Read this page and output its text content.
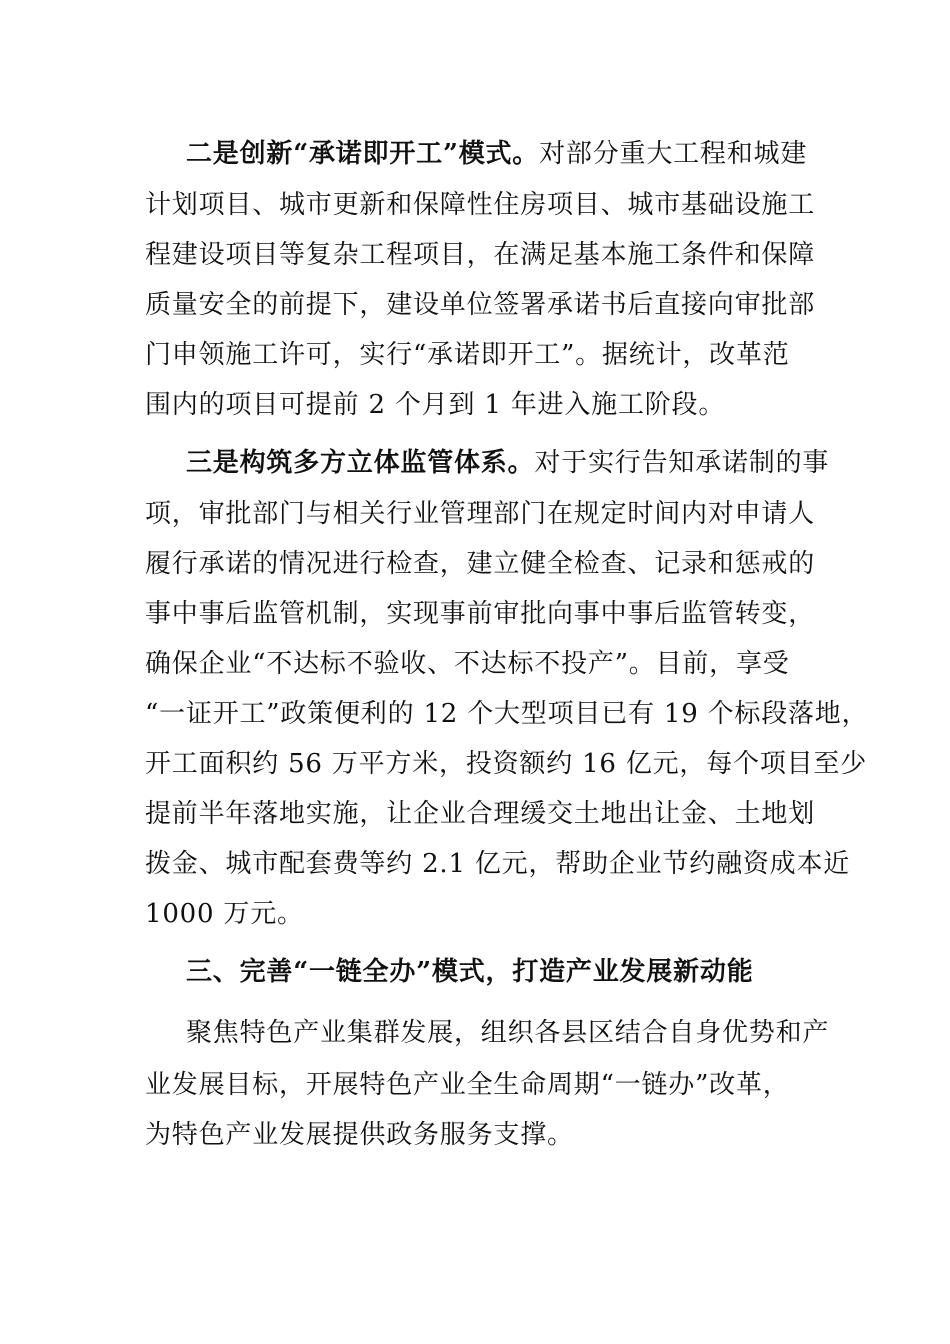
二是创新“承诺即开工”模式。对部分重大工程和城建
计划项目、城市更新和保障性住房项目、城市基础设施工
程建设项目等复杂工程项目，在满足基本施工条件和保障
质量安全的前提下，建设单位签署承诺书后直接向审批部
门申领施工许可，实行“承诺即开工”。据统计，改革范
围内的项目可提前 2 个月到 1 年进入施工阶段。
三是构筑多方立体监管体系。对于实行告知承诺制的事
项，审批部门与相关行业管理部门在规定时间内对申请人
履行承诺的情况进行检查，建立健全检查、记录和惩戒的
事中事后监管机制，实现事前审批向事中事后监管转变，
确保企业“不达标不验收、不达标不投产”。目前，享受
“一证开工”政策便利的 12 个大型项目已有 19 个标段落地，
开工面积约 56 万平方米，投资额约 16 亿元，每个项目至少
提前半年落地实施，让企业合理缓交土地出让金、土地划
拨金、城市配套费等约 2.1 亿元，帮助企业节约融资成本近
1000 万元。
三、完善“一链全办”模式，打造产业发展新动能
聚焦特色产业集群发展，组织各县区结合自身优势和产
业发展目标，开展特色产业全生命周期“一链办”改革，
为特色产业发展提供政务服务支撑。
